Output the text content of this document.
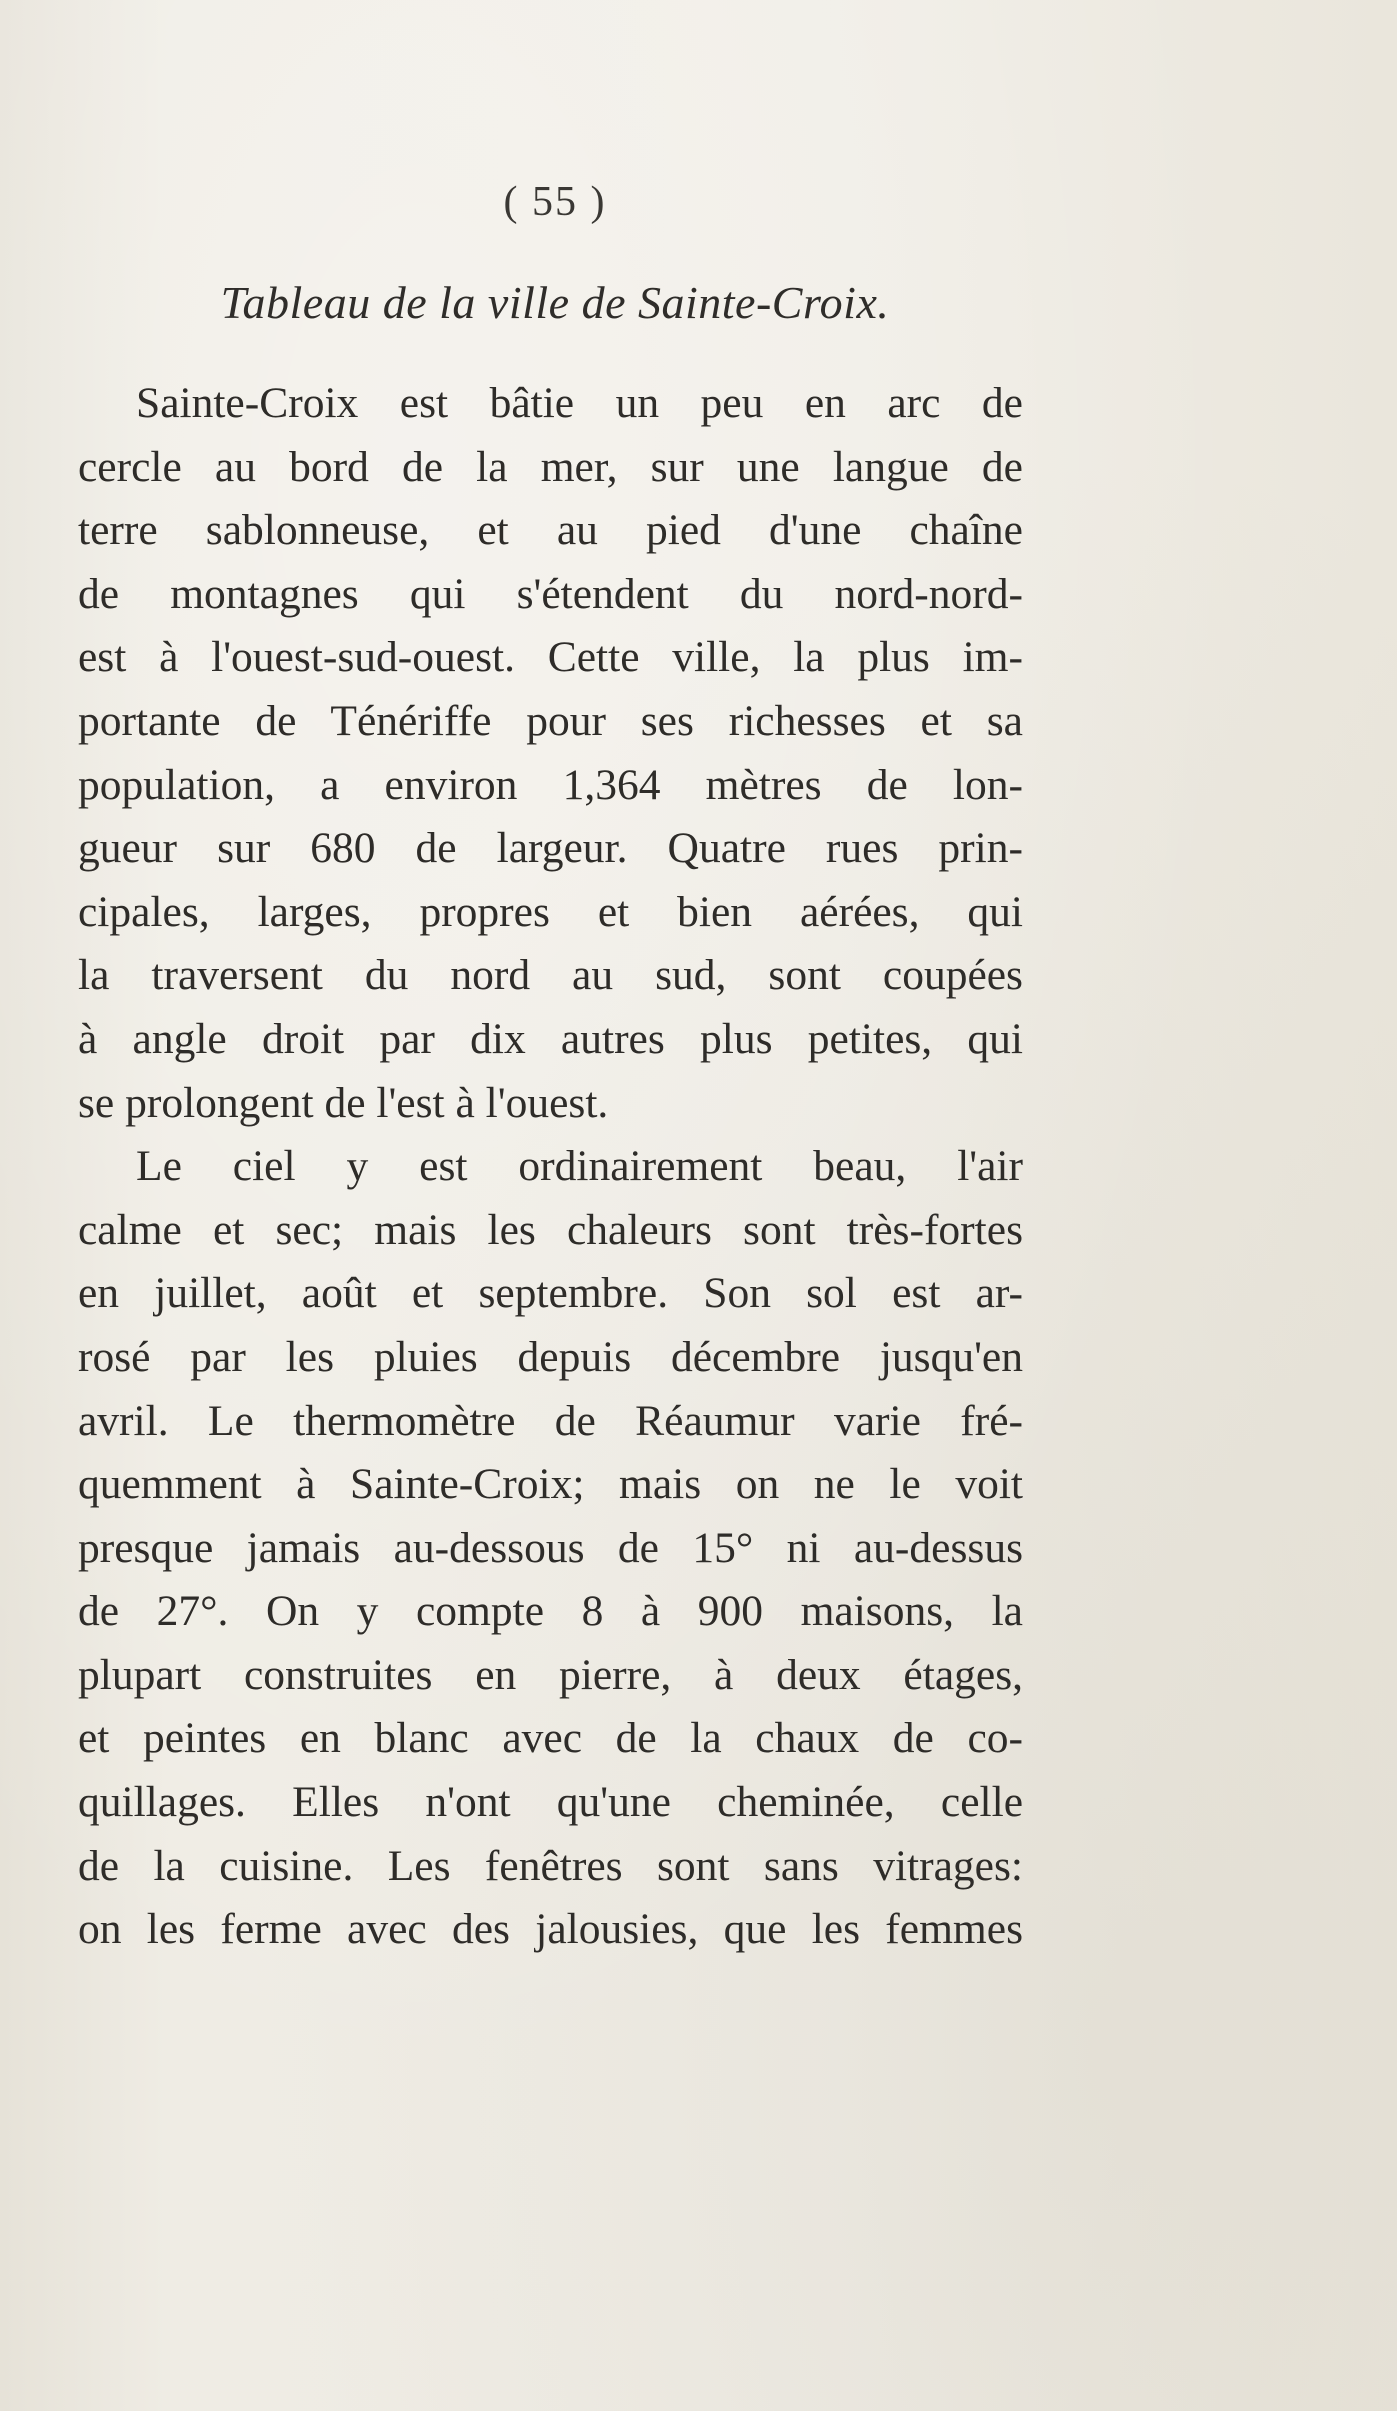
( 55 )
Tableau de la ville de Sainte-Croix.

Sainte-Croix est bâtie un peu en arc de
cercle au bord de la mer, sur une langue de
terre sablonneuse, et au pied d'une chaîne
de montagnes qui s'étendent du nord-nord-
est à l'ouest-sud-ouest. Cette ville, la plus im-
portante de Ténériffe pour ses richesses et sa
population, a environ 1,364 mètres de lon-
gueur sur 680 de largeur. Quatre rues prin-
cipales, larges, propres et bien aérées, qui
la traversent du nord au sud, sont coupées
à angle droit par dix autres plus petites, qui
se prolongent de l'est à l'ouest.

Le ciel y est ordinairement beau, l'air
calme et sec; mais les chaleurs sont très-fortes
en juillet, août et septembre. Son sol est ar-
rosé par les pluies depuis décembre jusqu'en
avril. Le thermomètre de Réaumur varie fré-
quemment à Sainte-Croix; mais on ne le voit
presque jamais au-dessous de 15° ni au-dessus
de 27°. On y compte 8 à 900 maisons, la
plupart construites en pierre, à deux étages,
et peintes en blanc avec de la chaux de co-
quillages. Elles n'ont qu'une cheminée, celle
de la cuisine. Les fenêtres sont sans vitrages:
on les ferme avec des jalousies, que les femmes
